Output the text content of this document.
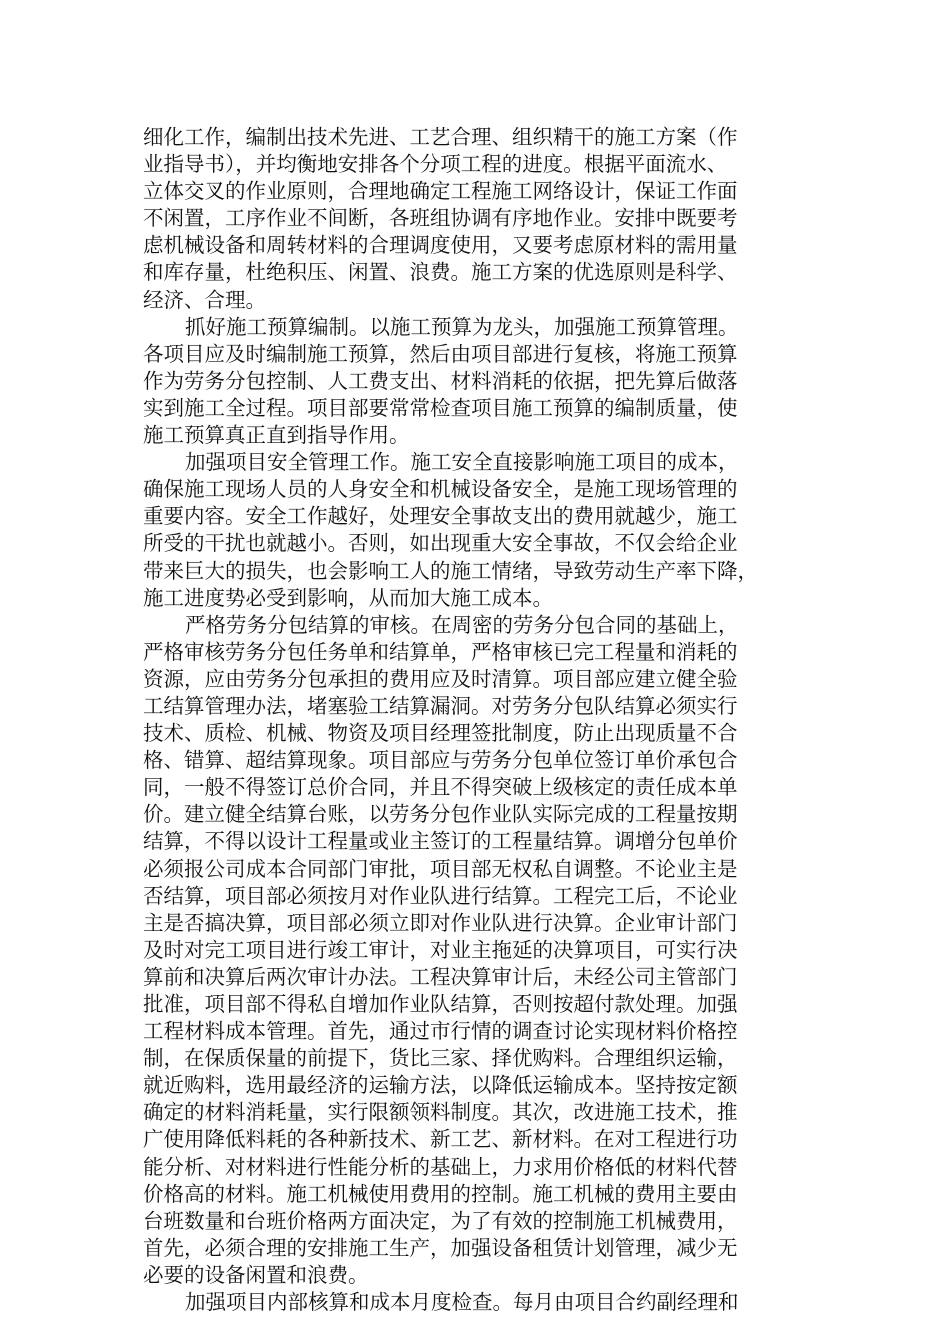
细化工作，编制出技术先进、工艺合理、组织精干的施工方案（作
业指导书），并均衡地安排各个分项工程的进度。根据平面流水、
立体交叉的作业原则，合理地确定工程施工网络设计，保证工作面
不闲置，工序作业不间断，各班组协调有序地作业。安排中既要考
虑机械设备和周转材料的合理调度使用，又要考虑原材料的需用量
和库存量，杜绝积压、闲置、浪费。施工方案的优选原则是科学、
经济、合理。
抓好施工预算编制。以施工预算为龙头，加强施工预算管理。
各项目应及时编制施工预算，然后由项目部进行复核，将施工预算
作为劳务分包控制、人工费支出、材料消耗的依据，把先算后做落
实到施工全过程。项目部要常常检查项目施工预算的编制质量，使
施工预算真正直到指导作用。
加强项目安全管理工作。施工安全直接影响施工项目的成本，
确保施工现场人员的人身安全和机械设备安全，是施工现场管理的
重要内容。安全工作越好，处理安全事故支出的费用就越少，施工
所受的干扰也就越小。否则，如出现重大安全事故，不仅会给企业
带来巨大的损失，也会影响工人的施工情绪，导致劳动生产率下降，
施工进度势必受到影响，从而加大施工成本。
严格劳务分包结算的审核。在周密的劳务分包合同的基础上，
严格审核劳务分包任务单和结算单，严格审核已完工程量和消耗的
资源，应由劳务分包承担的费用应及时清算。项目部应建立健全验
工结算管理办法，堵塞验工结算漏洞。对劳务分包队结算必须实行
技术、质检、机械、物资及项目经理签批制度，防止出现质量不合
格、错算、超结算现象。项目部应与劳务分包单位签订单价承包合
同，一般不得签订总价合同，并且不得突破上级核定的责任成本单
价。建立健全结算台账，以劳务分包作业队实际完成的工程量按期
结算，不得以设计工程量或业主签订的工程量结算。调增分包单价
必须报公司成本合同部门审批，项目部无权私自调整。不论业主是
否结算，项目部必须按月对作业队进行结算。工程完工后，不论业
主是否搞决算，项目部必须立即对作业队进行决算。企业审计部门
及时对完工项目进行竣工审计，对业主拖延的决算项目，可实行决
算前和决算后两次审计办法。工程决算审计后，未经公司主管部门
批准，项目部不得私自增加作业队结算，否则按超付款处理。加强
工程材料成本管理。首先，通过市行情的调查讨论实现材料价格控
制，在保质保量的前提下，货比三家、择优购料。合理组织运输，
就近购料，选用最经济的运输方法，以降低运输成本。坚持按定额
确定的材料消耗量，实行限额领料制度。其次，改进施工技术，推
广使用降低料耗的各种新技术、新工艺、新材料。在对工程进行功
能分析、对材料进行性能分析的基础上，力求用价格低的材料代替
价格高的材料。施工机械使用费用的控制。施工机械的费用主要由
台班数量和台班价格两方面决定，为了有效的控制施工机械费用，
首先，必须合理的安排施工生产，加强设备租赁计划管理，减少无
必要的设备闲置和浪费。
加强项目内部核算和成本月度检查。每月由项目合约副经理和
